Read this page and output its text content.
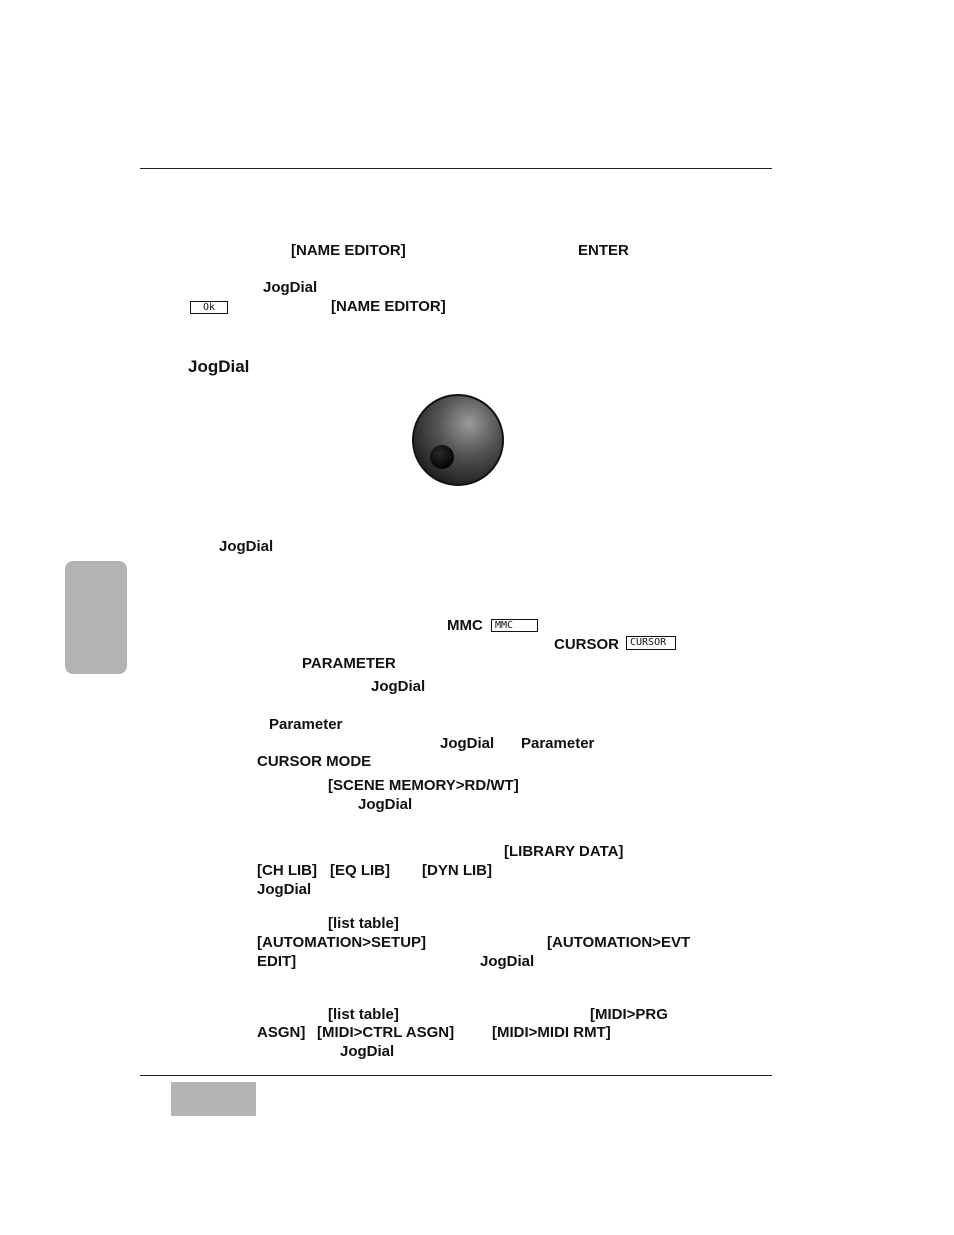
[NAME EDITOR]	ENTER
JogDial
Ok	[NAME EDITOR]
JogDial
JogDial
MMC	MMC
CURSOR	CURSOR
PARAMETER
JogDial
Parameter
JogDial Parameter
CURSOR MODE
[SCENE MEMORY>RD/WT]
JogDial
[LIBRARY DATA]
[CH LIB] [EQ LIB] [DYN LIB]
JogDial
[list table]
[AUTOMATION>SETUP]	[AUTOMATION>EVT
EDIT]	JogDial
[list table]	[MIDI>PRG
ASGN] [MIDI>CTRL ASGN]	[MIDI>MIDI RMT]
JogDial
